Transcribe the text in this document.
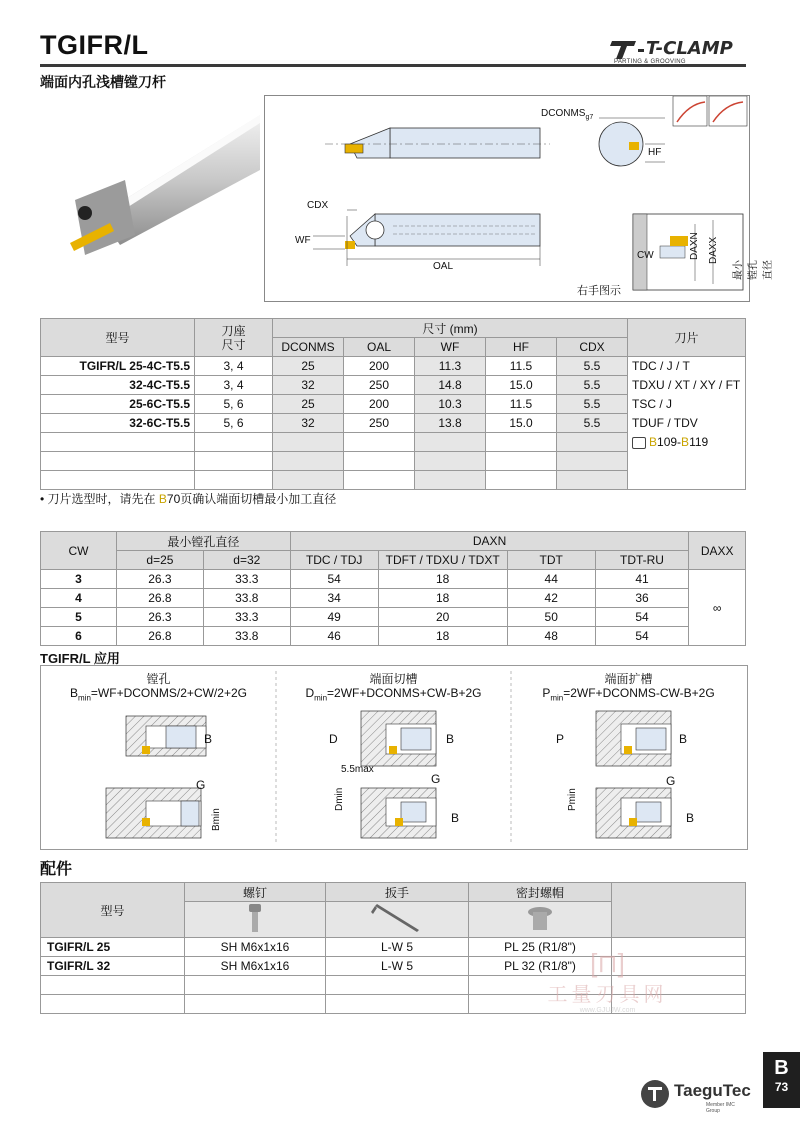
TGIFR/L
端面内孔浅槽镗刀杆
T-CLAMP
PARTING & GROOVING
$DCONMS_{g7}$
HF
CDX
WF
OAL
CW	DAXN DAXX
最小镗孔直径
右手图示
型号	刀座
尺寸	尺寸 (mm)					刀片
		DCONMS	OAL	WF	HF	CDX	
TGIFR/L 25-4C-T5.5	3, 4	25	200	11.3	11.5	5.5	TDC / J / T
32-4C-T5.5	3, 4	32	250	14.8	15.0	5.5	TDXU / XT / XY / FT
25-6C-T5.5	5, 6	25	200	10.3	11.5	5.5	TSC / J
32-6C-T5.5	5, 6	32	250	13.8	15.0	5.5	TDUF / TDV
							B109-B119

• 刀片选型时，请先在 B70页确认端面切槽最小加工直径
CW	最小镗孔直径		DAXN				DAXX
	d=25	d=32	TDC / TDJ	TDFT / TDXU / TDXT	TDT	TDT-RU	
3	26.3	33.3	54	18	44	41	∞
4	26.8	33.8	34	18	42	36	
5	26.3	33.3	49	20	50	54	
6	26.8	33.8	46	18	48	54	
TGIFR/L 应用
镗孔
$B_{min}=WF+DCONMS/2+CW/2+2G$
端面切槽
$D_{min}=2WF+DCONMS+CW-B+2G$
端面扩槽
$P_{min}=2WF+DCONMS-CW-B+2G$
B
G
Bmin
D	B
5.5max
G
Dmin
B
P	B
G
Pmin
B
配件
型号	螺钉	扳手	密封螺帽	

TGIFR/L 25	SH M6x1x16	L-W 5	PL 25 (R1/8")	
TGIFR/L 32	SH M6x1x16	L-W 5	PL 32 (R1/8")	

				[⊓]
工量刃具网
www.GJUJW.com
TaeguTec
Member IMC Group
B
73
